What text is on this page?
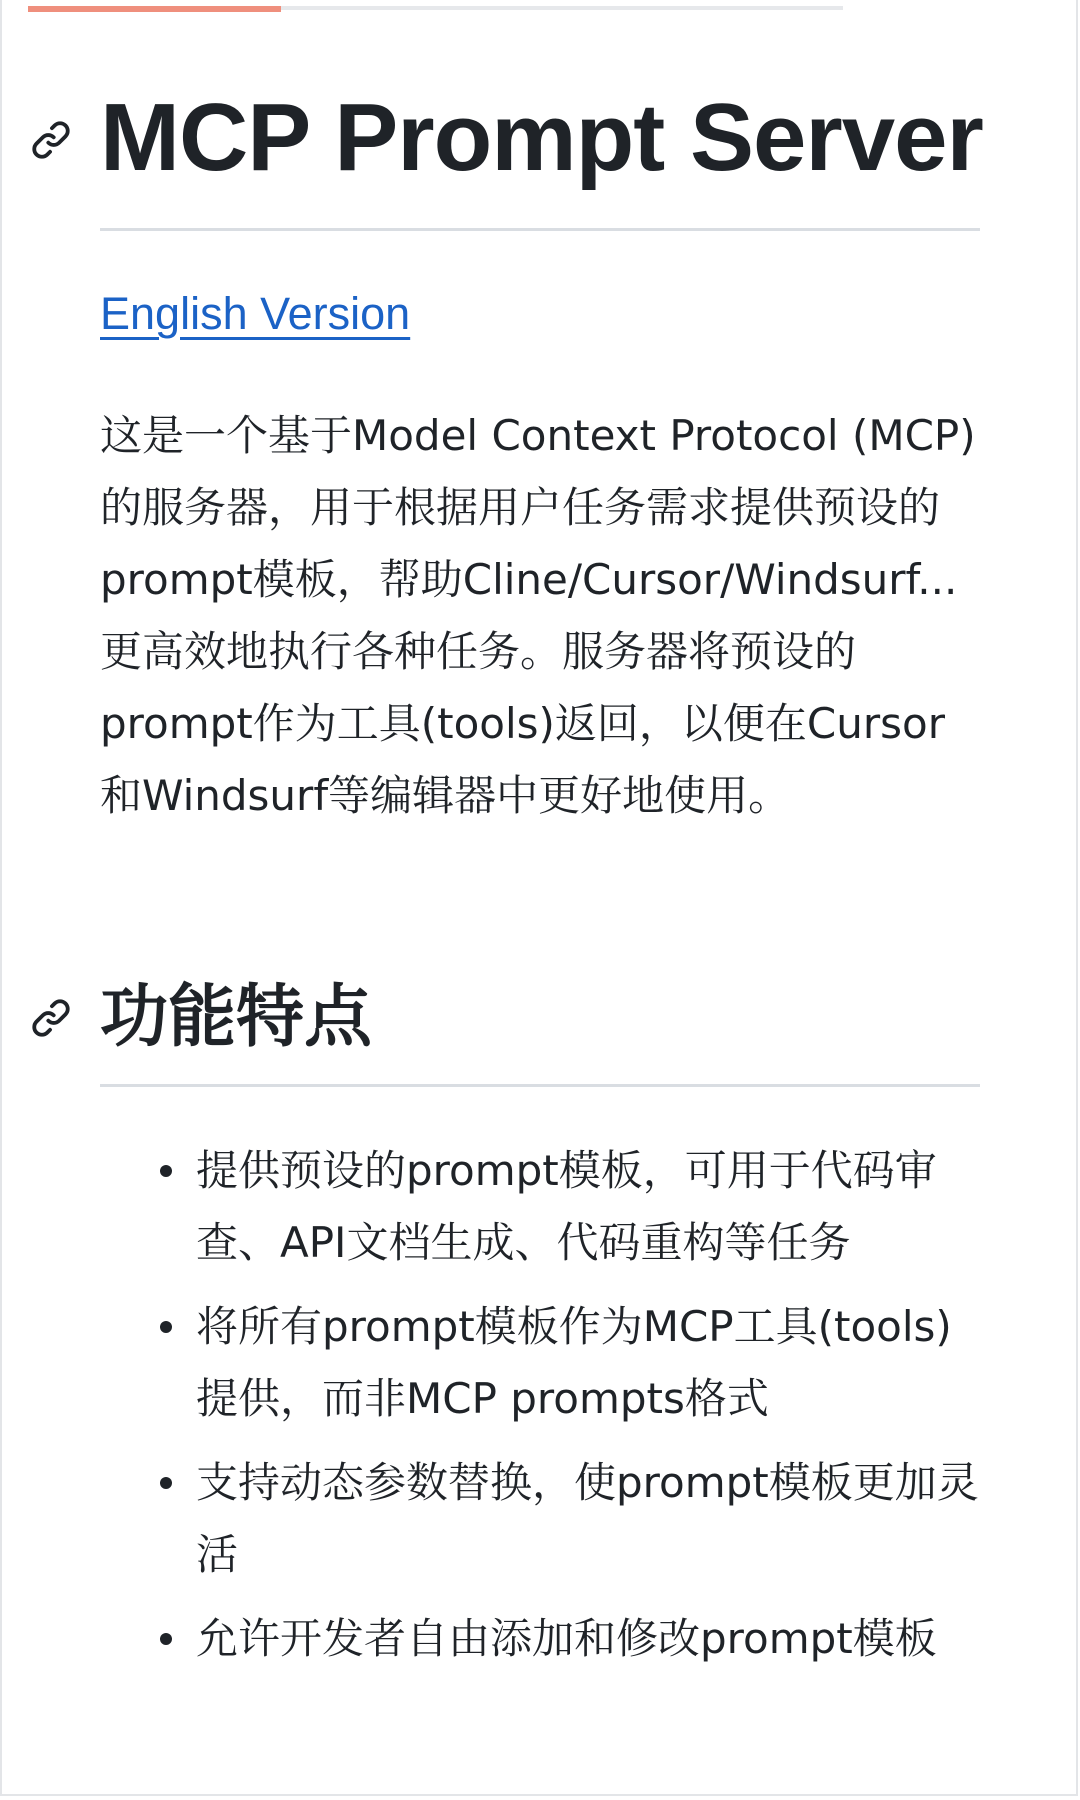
MCP Prompt Server
English Version

这是一个基于Model Context Protocol (MCP)的服务器，用于根据用户任务需求提供预设的prompt模板，帮助Cline/Cursor/Windsurf...更高效地执行各种任务。服务器将预设的prompt作为工具(tools)返回，以便在Cursor和Windsurf等编辑器中更好地使用。

功能特点
提供预设的prompt模板，可用于代码审查、API文档生成、代码重构等任务
将所有prompt模板作为MCP工具(tools)提供，而非MCP prompts格式
支持动态参数替换，使prompt模板更加灵活
允许开发者自由添加和修改prompt模板
